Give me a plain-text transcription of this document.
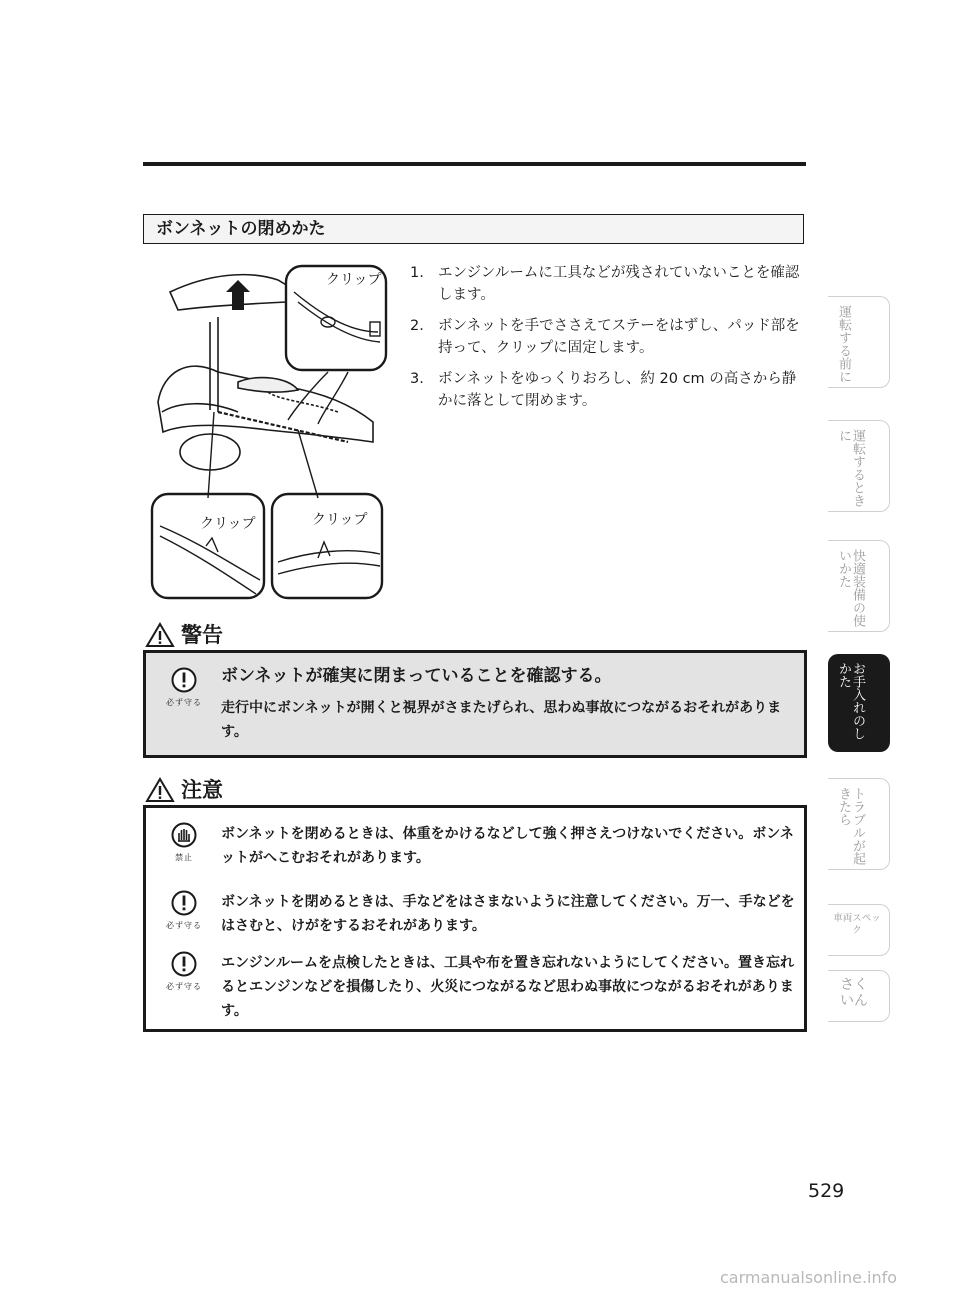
ボンネットの閉めかた
クリップ
クリップ	クリップ
1. エンジンルームに工具などが残されていないことを確認します。
2. ボンネットを手でささえてステーをはずし、パッド部を持って、クリップに固定します。
3. ボンネットをゆっくりおろし、約 20 cm の高さから静かに落として閉めます。
警告
必ず守る
ボンネットが確実に閉まっていることを確認する。
走行中にボンネットが開くと視界がさまたげられ、思わぬ事故につながるおそれがあります。
注意
禁止
ボンネットを閉めるときは、体重をかけるなどして強く押さえつけないでください。ボンネットがへこむおそれがあります。
必ず守る
ボンネットを閉めるときは、手などをはさまないように注意してください。万一、手などをはさむと、けがをするおそれがあります。
必ず守る
エンジンルームを点検したときは、工具や布を置き忘れないようにしてください。置き忘れるとエンジンなどを損傷したり、火災につながるなど思わぬ事故につながるおそれがあります。
運転する前に
運転するときに
快適装備の使いかた
お手入れのしかた
トラブルが起きたら
車両スペック
さくいん
529
carmanualsonline.info
